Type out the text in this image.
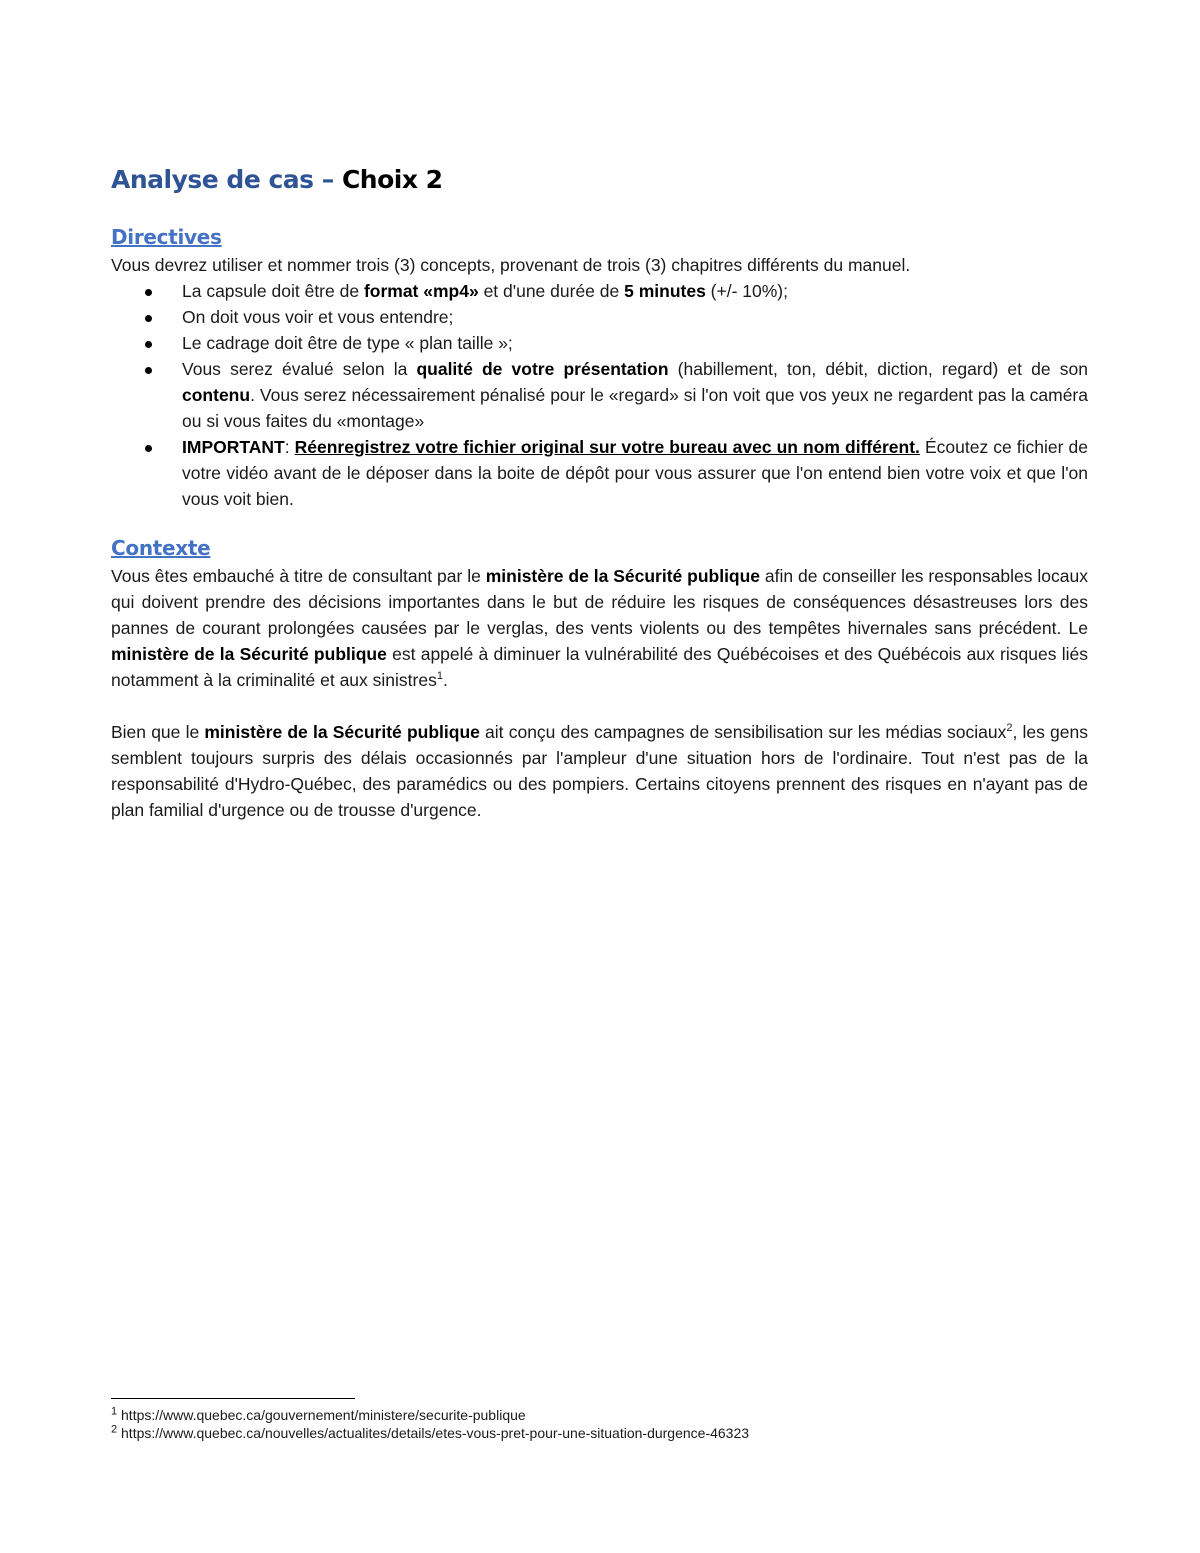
Analyse de cas – Choix 2
Directives

Vous devrez utiliser et nommer trois (3) concepts, provenant de trois (3) chapitres différents du manuel.

La capsule doit être de format «mp4» et d'une durée de 5 minutes (+/- 10%);
On doit vous voir et vous entendre;
Le cadrage doit être de type « plan taille »;
Vous serez évalué selon la qualité de votre présentation (habillement, ton, débit, diction, regard) et de son contenu. Vous serez nécessairement pénalisé pour le «regard» si l'on voit que vos yeux ne regardent pas la caméra ou si vous faites du «montage»
IMPORTANT: Réenregistrez votre fichier original sur votre bureau avec un nom différent. Écoutez ce fichier de votre vidéo avant de le déposer dans la boite de dépôt pour vous assurer que l'on entend bien votre voix et que l'on vous voit bien.
Contexte

Vous êtes embauché à titre de consultant par le ministère de la Sécurité publique afin de conseiller les responsables locaux qui doivent prendre des décisions importantes dans le but de réduire les risques de conséquences désastreuses lors des pannes de courant prolongées causées par le verglas, des vents violents ou des tempêtes hivernales sans précédent. Le ministère de la Sécurité publique est appelé à diminuer la vulnérabilité des Québécoises et des Québécois aux risques liés notamment à la criminalité et aux sinistres$^1$.

Bien que le ministère de la Sécurité publique ait conçu des campagnes de sensibilisation sur les médias sociaux$^2$, les gens semblent toujours surpris des délais occasionnés par l'ampleur d'une situation hors de l'ordinaire. Tout n'est pas de la responsabilité d'Hydro-Québec, des paramédics ou des pompiers. Certains citoyens prennent des risques en n'ayant pas de plan familial d'urgence ou de trousse d'urgence.

$^1$ https://www.quebec.ca/gouvernement/ministere/securite-publique

$^2$ https://www.quebec.ca/nouvelles/actualites/details/etes-vous-pret-pour-une-situation-durgence-46323
